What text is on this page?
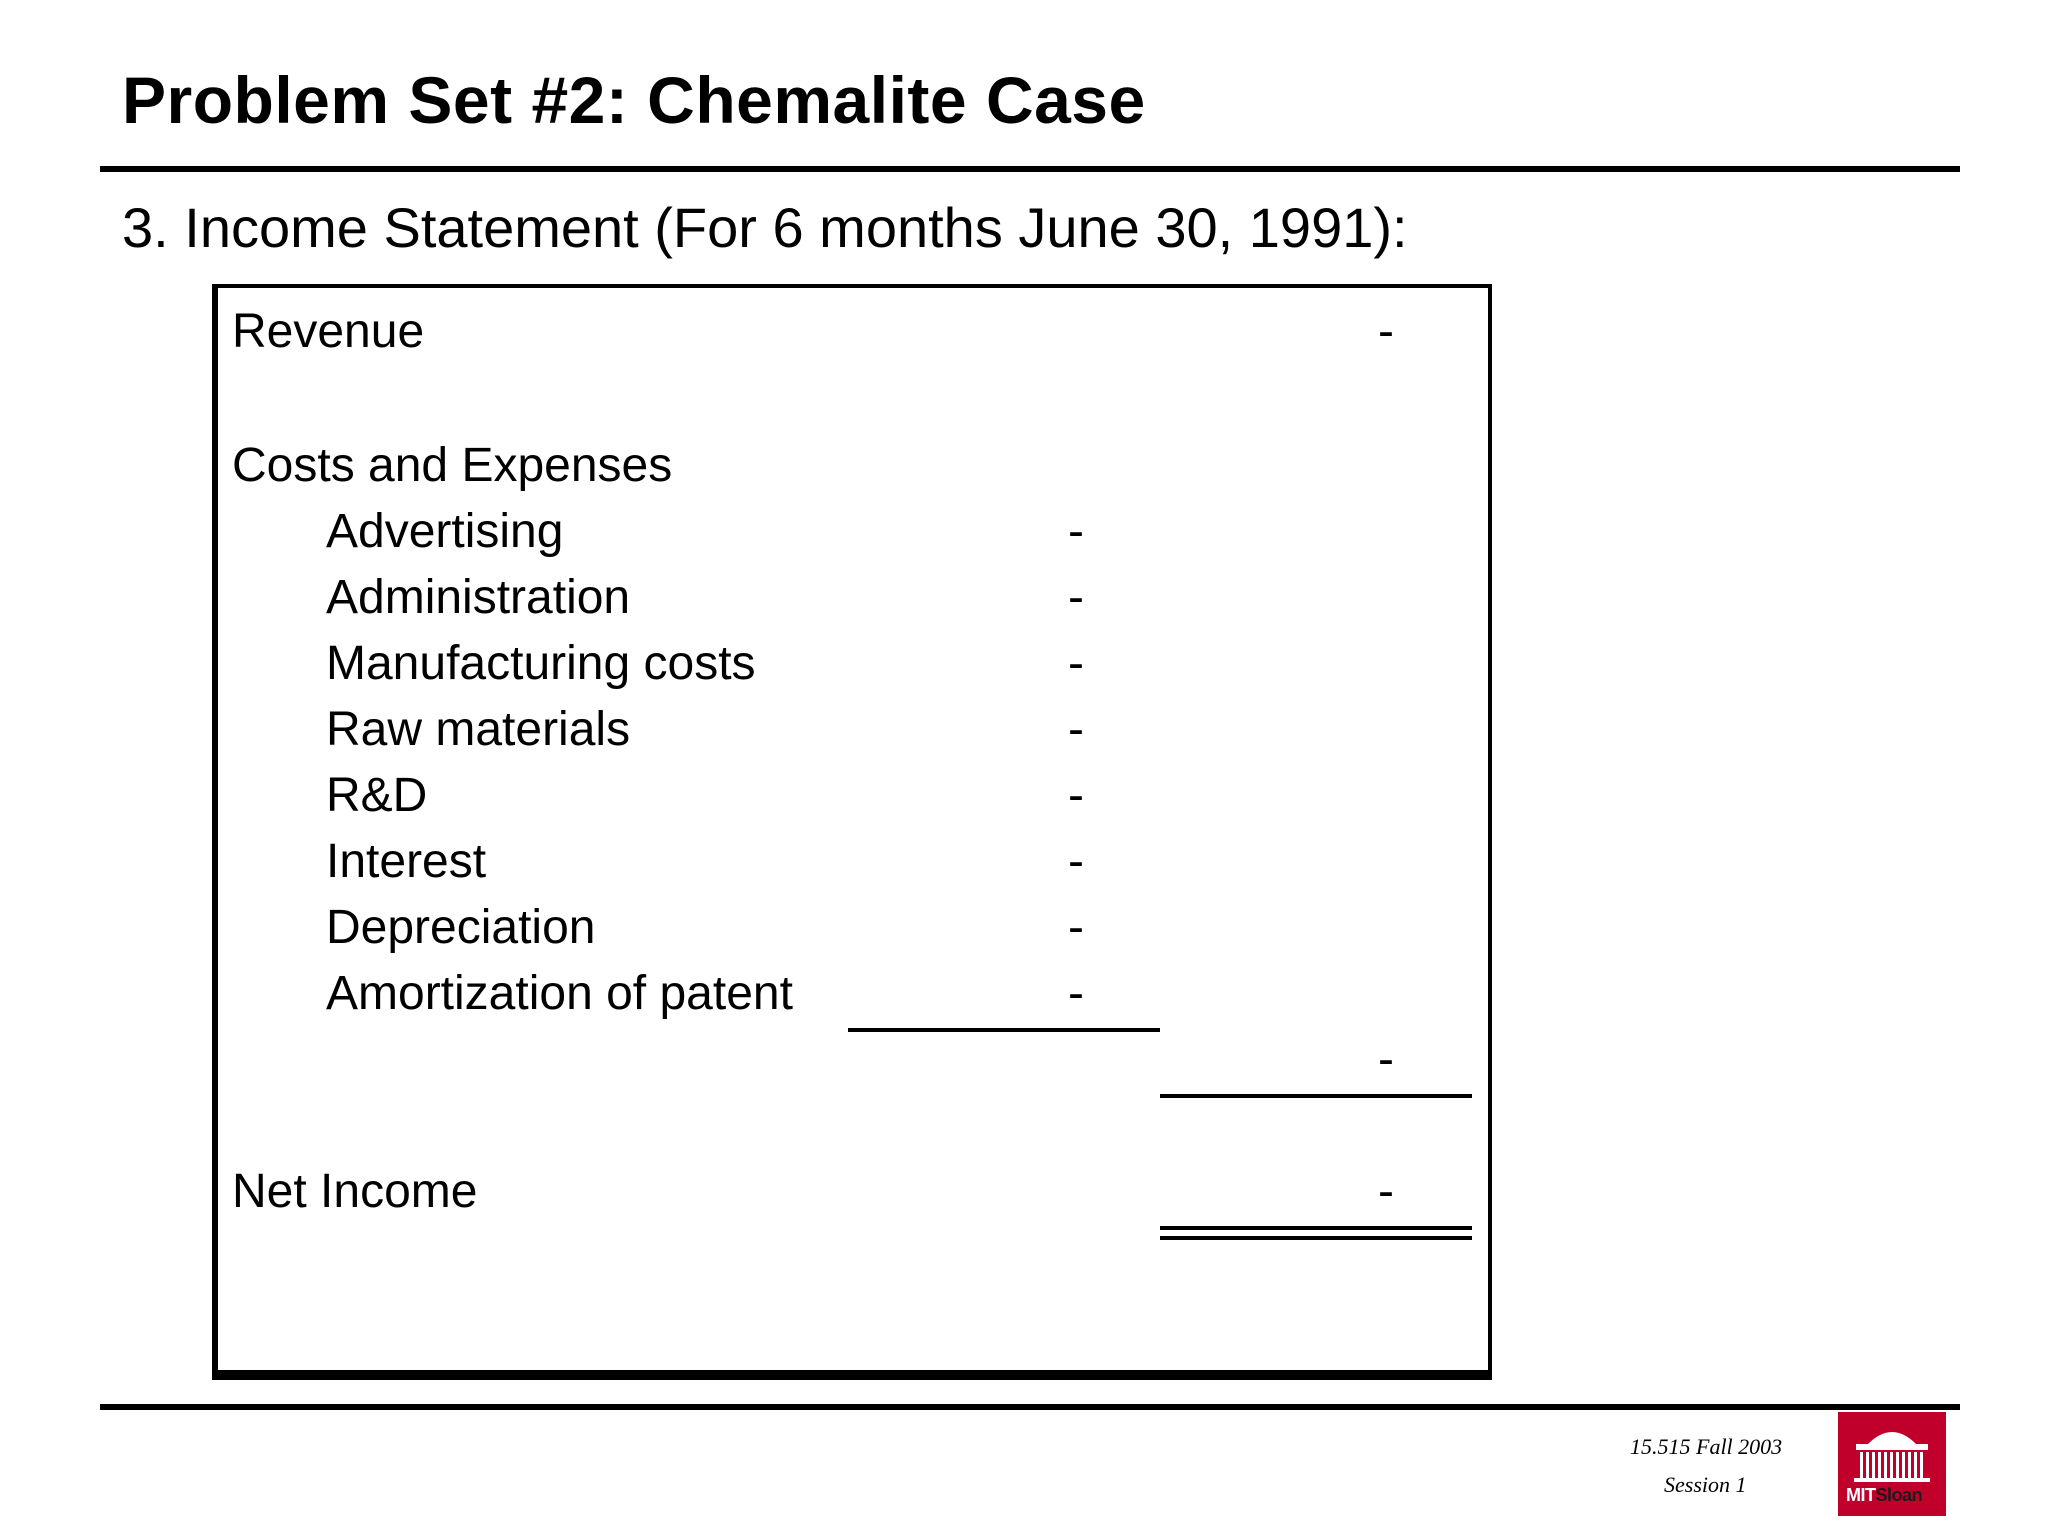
Problem Set #2: Chemalite Case
3. Income Statement (For 6 months June 30, 1991):
Revenue	-
Costs and Expenses
Advertising	-
Administration	-
Manufacturing costs	-
Raw materials	-
R&D	-
Interest	-
Depreciation	-
Amortization of patent	-
-
Net Income	-
15.515 Fall 2003
Session 1	MITSloan
